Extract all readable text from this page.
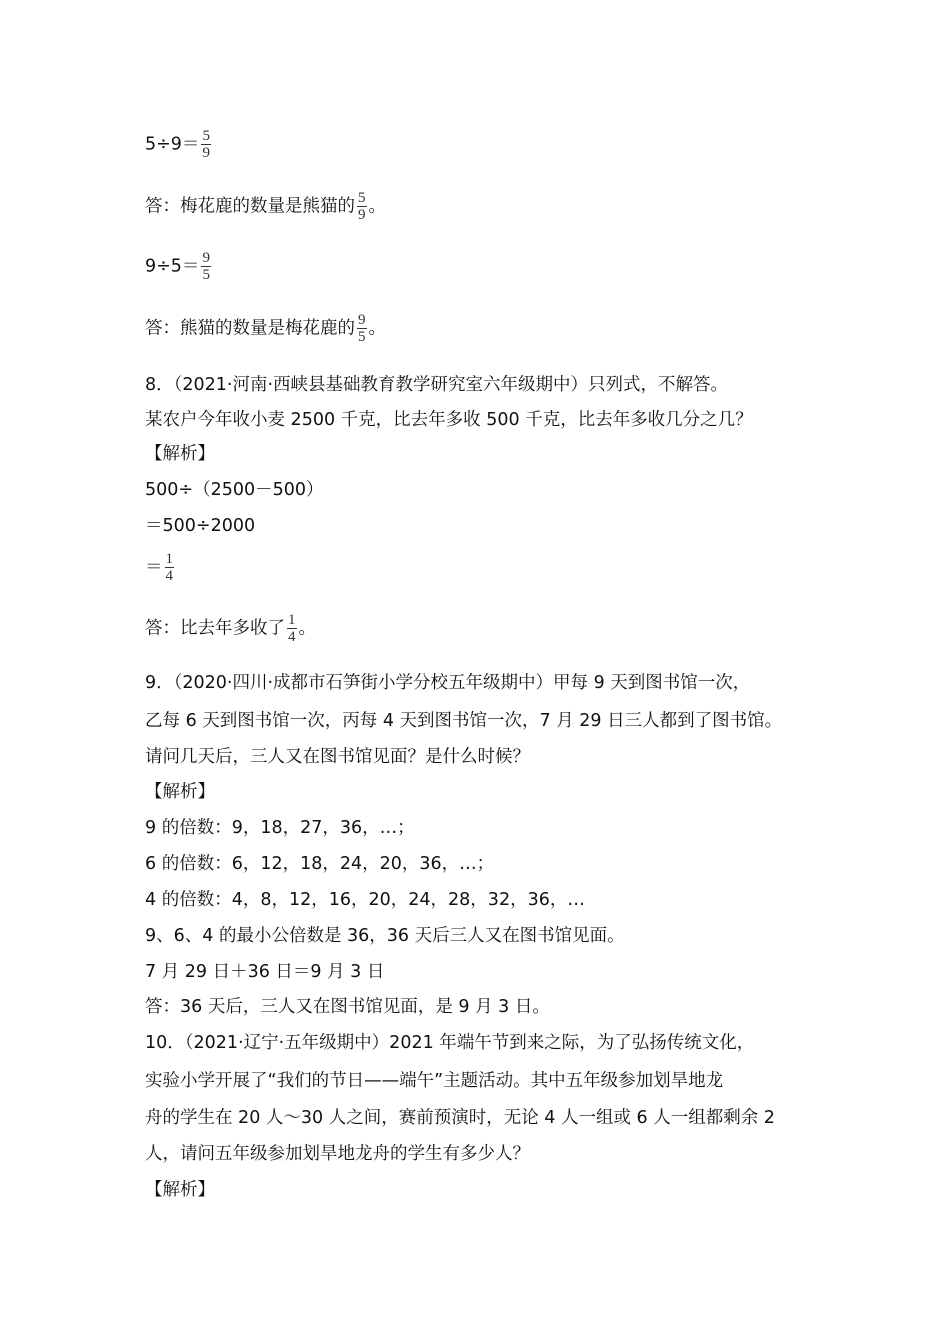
$5\div 9= \frac{5}{9}$
答：梅花鹿的数量是熊猫的 $\frac{5}{9}$ 。
$9\div 5= \frac{9}{5}$
答：熊猫的数量是梅花鹿的 $\frac{9}{5}$ 。
8．（2021·河南·西峡县基础教育教学研究室六年级期中）只列式，不解答。
某农户今年收小麦 2500 千克，比去年多收 500 千克，比去年多收几分之几？
【解析】
500÷（2500－500）
＝500÷2000
＝ $\frac{1}{4}$
答：比去年多收了 $\frac{1}{4}$ 。
9．（2020·四川·成都市石笋街小学分校五年级期中）甲每 9 天到图书馆一次，
乙每 6 天到图书馆一次，丙每 4 天到图书馆一次，7 月 29 日三人都到了图书馆。
请问几天后，三人又在图书馆见面？是什么时候？
【解析】
9 的倍数：9，18，27，36，…；
6 的倍数：6，12，18，24，20，36，…；
4 的倍数：4，8，12，16，20，24，28，32，36，…
9、6、4 的最小公倍数是 36，36 天后三人又在图书馆见面。
7 月 29 日＋36 日＝9 月 3 日
答：36 天后，三人又在图书馆见面，是 9 月 3 日。
10．（2021·辽宁·五年级期中）2021 年端午节到来之际，为了弘扬传统文化，
实验小学开展了“我们的节日——端午”主题活动。其中五年级参加划旱地龙
舟的学生在 20 人～30 人之间，赛前预演时，无论 4 人一组或 6 人一组都剩余 2
人，请问五年级参加划旱地龙舟的学生有多少人？
【解析】
